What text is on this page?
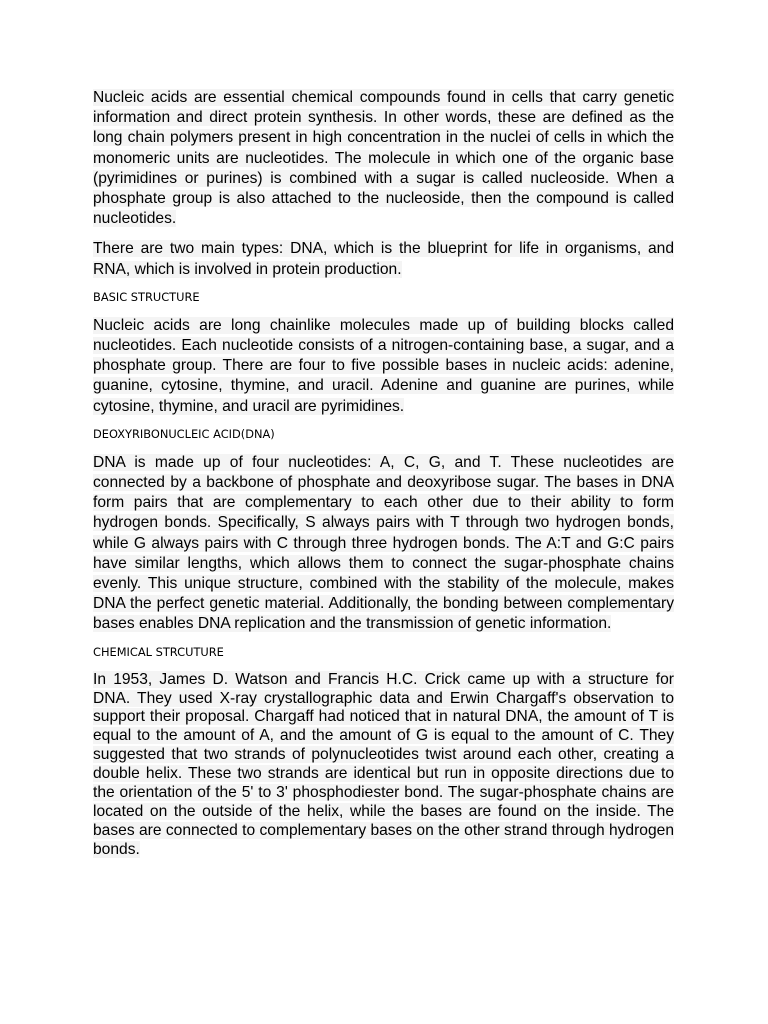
Nucleic acids are essential chemical compounds found in cells that carry genetic information and direct protein synthesis. In other words, these are defined as the long chain polymers present in high concentration in the nuclei of cells in which the monomeric units are nucleotides. The molecule in which one of the organic base (pyrimidines or purines) is combined with a sugar is called nucleoside. When a phosphate group is also attached to the nucleoside, then the compound is called nucleotides.

There are two main types: DNA, which is the blueprint for life in organisms, and RNA, which is involved in protein production.

BASIC STRUCTURE

Nucleic acids are long chainlike molecules made up of building blocks called nucleotides. Each nucleotide consists of a nitrogen-containing base, a sugar, and a phosphate group. There are four to five possible bases in nucleic acids: adenine, guanine, cytosine, thymine, and uracil. Adenine and guanine are purines, while cytosine, thymine, and uracil are pyrimidines.

DEOXYRIBONUCLEIC ACID(DNA)

DNA is made up of four nucleotides: A, C, G, and T. These nucleotides are connected by a backbone of phosphate and deoxyribose sugar. The bases in DNA form pairs that are complementary to each other due to their ability to form hydrogen bonds. Specifically, S always pairs with T through two hydrogen bonds, while G always pairs with C through three hydrogen bonds. The A:T and G:C pairs have similar lengths, which allows them to connect the sugar-phosphate chains evenly. This unique structure, combined with the stability of the molecule, makes DNA the perfect genetic material. Additionally, the bonding between complementary bases enables DNA replication and the transmission of genetic information.

CHEMICAL STRCUTURE

In 1953, James D. Watson and Francis H.C. Crick came up with a structure for DNA. They used X-ray crystallographic data and Erwin Chargaff's observation to support their proposal. Chargaff had noticed that in natural DNA, the amount of T is equal to the amount of A, and the amount of G is equal to the amount of C. They suggested that two strands of polynucleotides twist around each other, creating a double helix. These two strands are identical but run in opposite directions due to the orientation of the 5' to 3' phosphodiester bond. The sugar-phosphate chains are located on the outside of the helix, while the bases are found on the inside. The bases are connected to complementary bases on the other strand through hydrogen bonds.
